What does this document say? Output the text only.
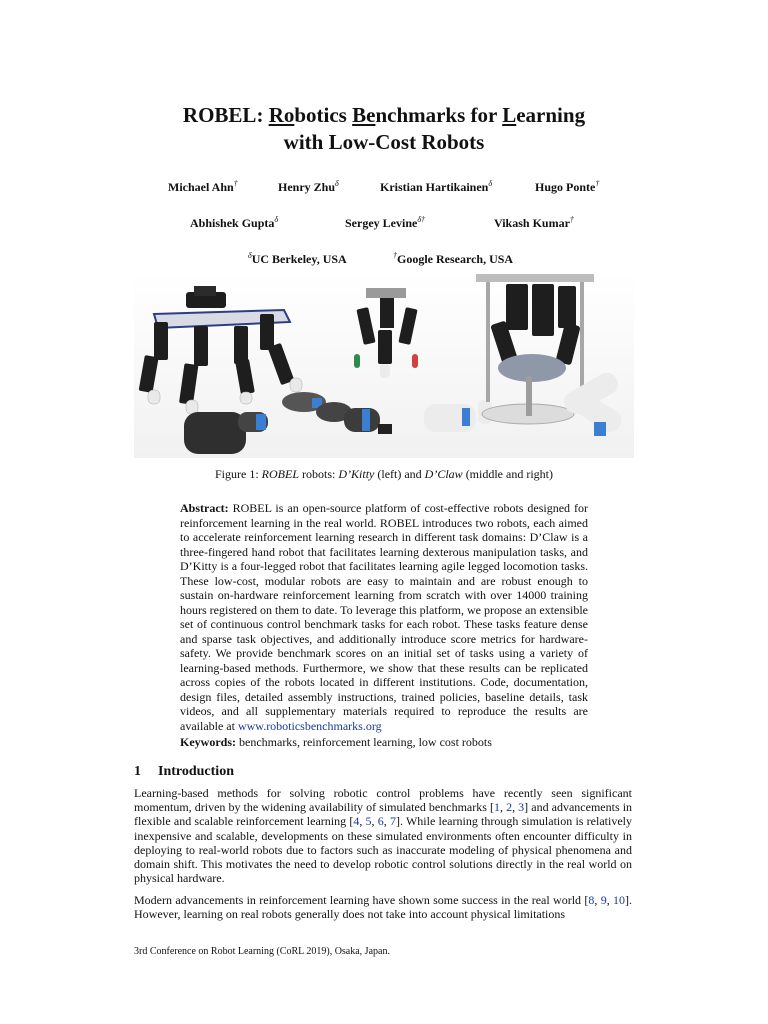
ROBEL: Robotics Benchmarks for Learning
with Low-Cost Robots
Michael Ahn†	Henry Zhu$^\delta$	Kristian Hartikainen$^\delta$	Hugo Ponte†
Abhishek Gupta$^\delta$	Sergey Levine$^{\delta\dagger}$	Vikash Kumar†
$^\delta$UC Berkeley, USA	†Google Research, USA
Figure 1: ROBEL robots: D’Kitty (left) and D’Claw (middle and right)
Abstract: ROBEL is an open-source platform of cost-effective robots designed for reinforcement learning in the real world. ROBEL introduces two robots, each aimed to accelerate reinforcement learning research in different task domains: D’Claw is a three-fingered hand robot that facilitates learning dexterous manipulation tasks, and D’Kitty is a four-legged robot that facilitates learning agile legged locomotion tasks. These low-cost, modular robots are easy to maintain and are robust enough to sustain on-hardware reinforcement learning from scratch with over 14000 training hours registered on them to date. To leverage this platform, we propose an extensible set of continuous control benchmark tasks for each robot. These tasks feature dense and sparse task objectives, and additionally introduce score metrics for hardware-safety. We provide benchmark scores on an initial set of tasks using a variety of learning-based methods. Furthermore, we show that these results can be replicated across copies of the robots located in different institutions. Code, documentation, design files, detailed assembly instructions, trained policies, baseline details, task videos, and all supplementary materials required to reproduce the results are available at www.roboticsbenchmarks.org
Keywords: benchmarks, reinforcement learning, low cost robots
1 Introduction
Learning-based methods for solving robotic control problems have recently seen significant momentum, driven by the widening availability of simulated benchmarks [1, 2, 3] and advancements in flexible and scalable reinforcement learning [4, 5, 6, 7]. While learning through simulation is relatively inexpensive and scalable, developments on these simulated environments often encounter difficulty in deploying to real-world robots due to factors such as inaccurate modeling of physical phenomena and domain shift. This motivates the need to develop robotic control solutions directly in the real world on physical hardware.
Modern advancements in reinforcement learning have shown some success in the real world [8, 9, 10]. However, learning on real robots generally does not take into account physical limitations
3rd Conference on Robot Learning (CoRL 2019), Osaka, Japan.
